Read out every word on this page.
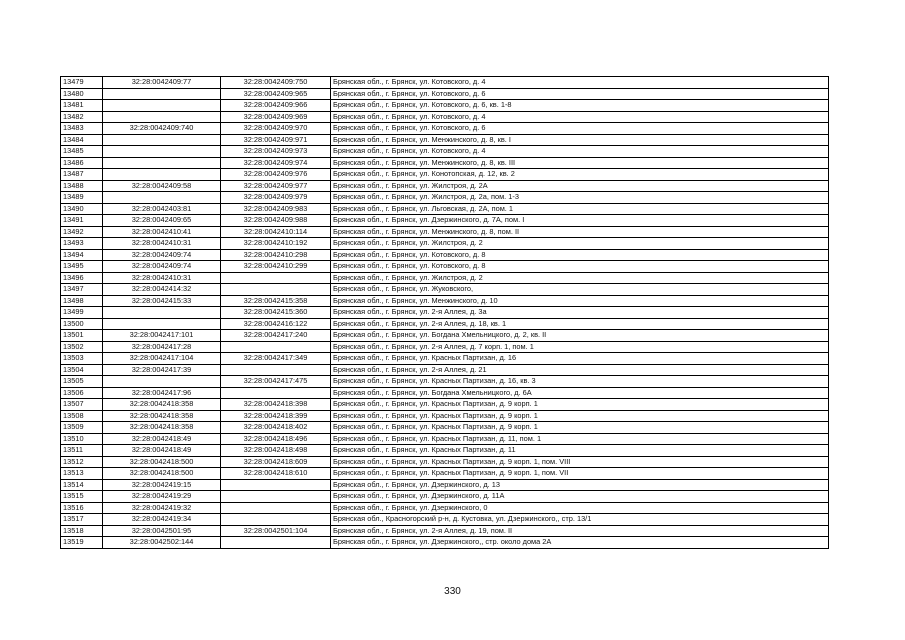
13479	32:28:0042409:77	32:28:0042409:750	Брянская обл., г. Брянск, ул. Котовского, д. 4
13480		32:28:0042409:965	Брянская обл., г. Брянск, ул. Котовского, д. 6
13481		32:28:0042409:966	Брянская обл., г. Брянск, ул. Котовского, д. 6, кв. 1-8
13482		32:28:0042409:969	Брянская обл., г. Брянск, ул. Котовского, д. 4
13483	32:28:0042409:740	32:28:0042409:970	Брянская обл., г. Брянск, ул. Котовского, д. 6
13484		32:28:0042409:971	Брянская обл., г. Брянск, ул. Менжинского, д. 8, кв. I
13485		32:28:0042409:973	Брянская обл., г. Брянск, ул. Котовского, д. 4
13486		32:28:0042409:974	Брянская обл., г. Брянск, ул. Менжинского, д. 8, кв. III
13487		32:28:0042409:976	Брянская обл., г. Брянск, ул. Конотопская, д. 12, кв. 2
13488	32:28:0042409:58	32:28:0042409:977	Брянская обл., г. Брянск, ул. Жилстроя, д. 2А
13489		32:28:0042409:979	Брянская обл., г. Брянск, ул. Жилстроя, д. 2а, пом. 1-3
13490	32:28:0042403:81	32:28:0042409:983	Брянская обл., г. Брянск, ул. Льговская, д. 2А, пом. 1
13491	32:28:0042409:65	32:28:0042409:988	Брянская обл., г. Брянск, ул. Дзержинского, д. 7А, пом. I
13492	32:28:0042410:41	32:28:0042410:114	Брянская обл., г. Брянск, ул. Менжинского, д. 8, пом. II
13493	32:28:0042410:31	32:28:0042410:192	Брянская обл., г. Брянск, ул. Жилстроя, д. 2
13494	32:28:0042409:74	32:28:0042410:298	Брянская обл., г. Брянск, ул. Котовского, д. 8
13495	32:28:0042409:74	32:28:0042410:299	Брянская обл., г. Брянск, ул. Котовского, д. 8
13496	32:28:0042410:31		Брянская обл., г. Брянск, ул. Жилстроя, д. 2
13497	32:28:0042414:32		Брянская обл., г. Брянск, ул. Жуковского,
13498	32:28:0042415:33	32:28:0042415:358	Брянская обл., г. Брянск, ул. Менжинского, д. 10
13499		32:28:0042415:360	Брянская обл., г. Брянск, ул. 2-я Аллея, д. 3а
13500		32:28:0042416:122	Брянская обл., г. Брянск, ул. 2-я Аллея, д. 18, кв. 1
13501	32:28:0042417:101	32:28:0042417:240	Брянская обл., г. Брянск, ул. Богдана Хмельницкого, д. 2, кв. II
13502	32:28:0042417:28		Брянская обл., г. Брянск, ул. 2-я Аллея, д. 7 корп. 1, пом. 1
13503	32:28:0042417:104	32:28:0042417:349	Брянская обл., г. Брянск, ул. Красных Партизан, д. 16
13504	32:28:0042417:39		Брянская обл., г. Брянск, ул. 2-я Аллея, д. 21
13505		32:28:0042417:475	Брянская обл., г. Брянск, ул. Красных Партизан, д. 16, кв. 3
13506	32:28:0042417:96		Брянская обл., г. Брянск, ул. Богдана Хмельницкого, д. 6А
13507	32:28:0042418:358	32:28:0042418:398	Брянская обл., г. Брянск, ул. Красных Партизан, д. 9 корп. 1
13508	32:28:0042418:358	32:28:0042418:399	Брянская обл., г. Брянск, ул. Красных Партизан, д. 9 корп. 1
13509	32:28:0042418:358	32:28:0042418:402	Брянская обл., г. Брянск, ул. Красных Партизан, д. 9 корп. 1
13510	32:28:0042418:49	32:28:0042418:496	Брянская обл., г. Брянск, ул. Красных Партизан, д. 11, пом. 1
13511	32:28:0042418:49	32:28:0042418:498	Брянская обл., г. Брянск, ул. Красных Партизан, д. 11
13512	32:28:0042418:500	32:28:0042418:609	Брянская обл., г. Брянск, ул. Красных Партизан, д. 9 корп. 1, пом. VIII
13513	32:28:0042418:500	32:28:0042418:610	Брянская обл., г. Брянск, ул. Красных Партизан, д. 9 корп. 1, пом. VII
13514	32:28:0042419:15		Брянская обл., г. Брянск, ул. Дзержинского, д. 13
13515	32:28:0042419:29		Брянская обл., г. Брянск, ул. Дзержинского, д. 11А
13516	32:28:0042419:32		Брянская обл., г. Брянск, ул. Дзержинского, 0
13517	32:28:0042419:34		Брянская обл., Красногорский р-н, д. Кустовка, ул. Дзержинского,, стр. 13/1
13518	32:28:0042501:95	32:28:0042501:104	Брянская обл., г. Брянск, ул. 2-я Аллея, д. 19, пом. II
13519	32:28:0042502:144		Брянская обл., г. Брянск, ул. Дзержинского,, стр. около дома 2А
330
